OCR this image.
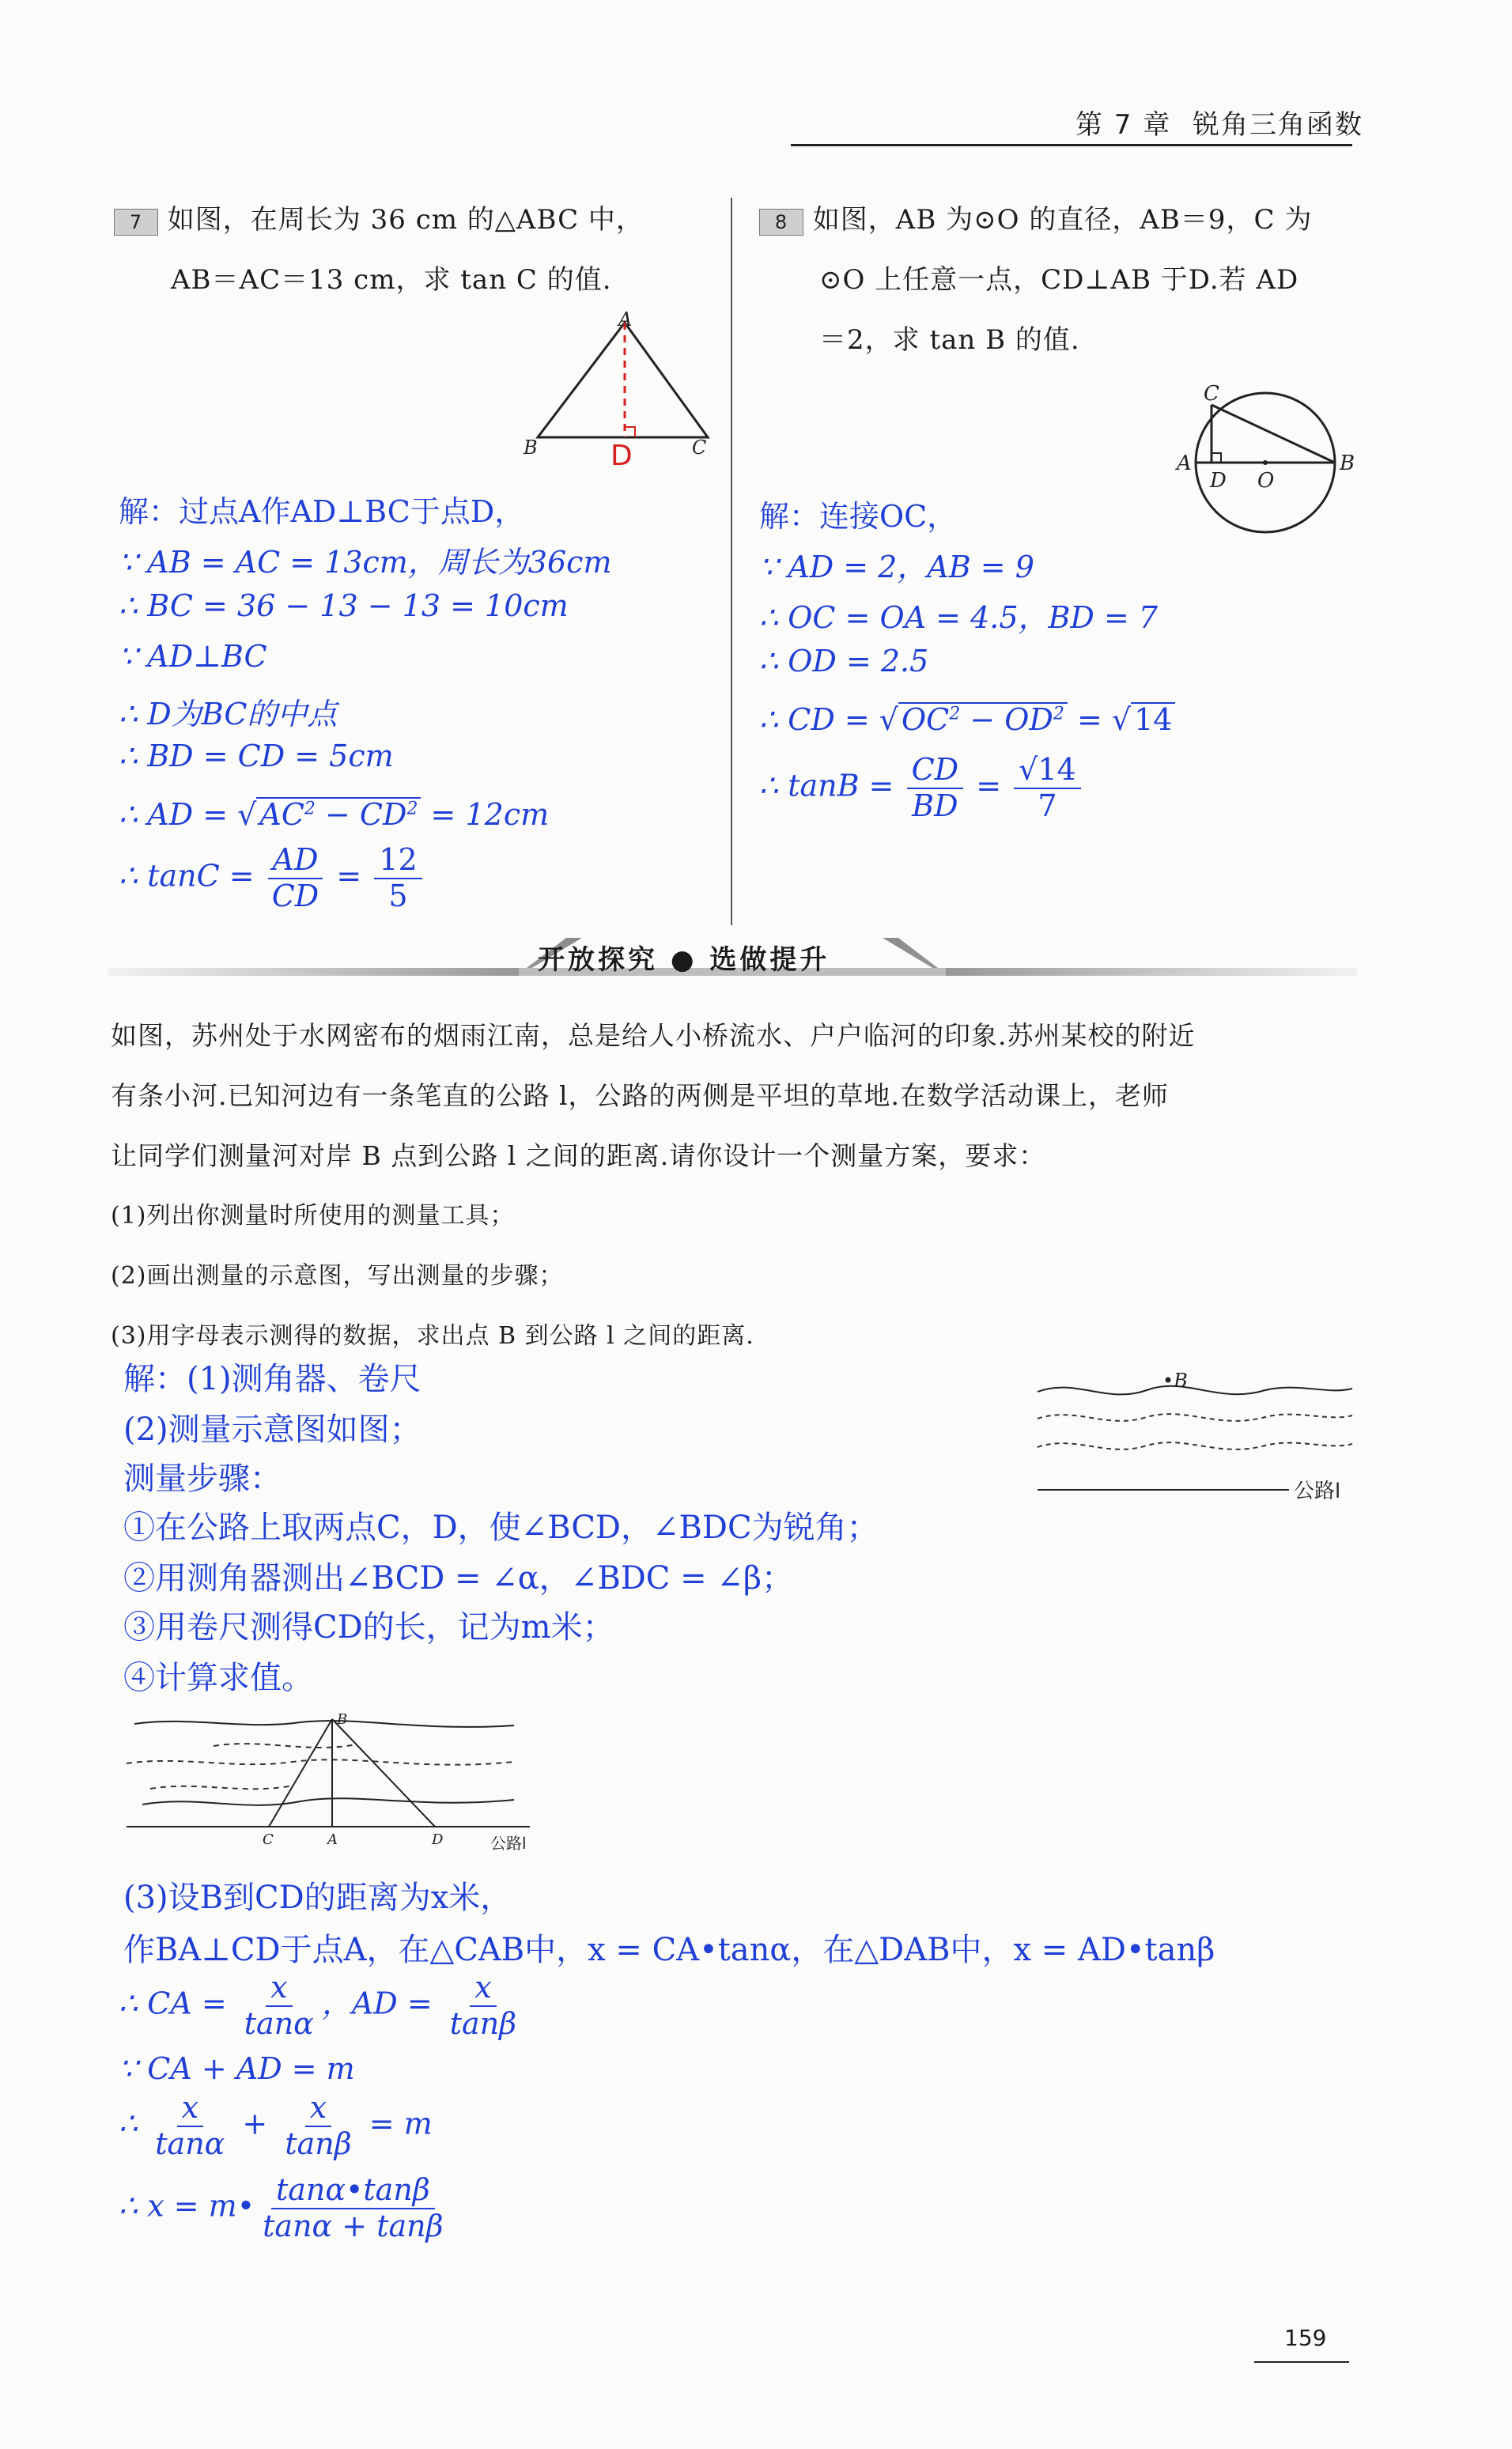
第 7 章 锐角三角函数
7 如图，在周长为 36 cm 的△ABC 中，
AB＝AC＝13 cm，求 tan C 的值.
A
B	C
D
解：过点A作AD⊥BC于点D，
∵ AB = AC = 13cm，周长为36cm
∴ BC = 36 − 13 − 13 = 10cm
∵ AD⊥BC
∴ D为BC的中点
∴ BD = CD = 5cm
∴ AD = √ $AC^2 - CD^2 = 12cm$
∴ $\tan C = \frac{AD}{CD} = \frac{12}{5}$
8 如图，AB 为⊙O 的直径，AB＝9，C 为
⊙O 上任意一点，CD⊥AB 于D.若 AD
＝2，求 tan B 的值.
C
A
D O
B
解：连接OC，
∵ AD = 2，AB = 9
∴ OC = OA = 4.5，BD = 7
∴ OD = 2.5
∴ CD = √ $OC^2 - OD^2$ = √ 14
∴ $\tan B = \frac{CD}{BD} = \frac{√14}{7}$
开放探究 ● 选做提升
如图，苏州处于水网密布的烟雨江南，总是给人小桥流水、户户临河的印象.苏州某校的附近
有条小河.已知河边有一条笔直的公路 l，公路的两侧是平坦的草地.在数学活动课上，老师
让同学们测量河对岸 B 点到公路 l 之间的距离.请你设计一个测量方案，要求：
(1)列出你测量时所使用的测量工具；
(2)画出测量的示意图，写出测量的步骤；
(3)用字母表示测得的数据，求出点 B 到公路 l 之间的距离.
•B
公路l
解：(1)测角器、卷尺
(2)测量示意图如图；
测量步骤：
①在公路上取两点C，D，使∠BCD，∠BDC为锐角；
②用测角器测出∠BCD = ∠α，∠BDC = ∠β；
③用卷尺测得CD的长，记为m米；
④计算求值。
B
C	A	D	公路l
(3)设B到CD的距离为x米，
作BA⊥CD于点A，在△CAB中，x = CA•tanα，在△DAB中，x = AD•tanβ
∴ CA = $\frac{x}{\tan\alpha}$ ，AD = $\frac{x}{\tan\beta}$
∵ CA + AD = m
∴ $\frac{x}{\tan\alpha} + \frac{x}{\tan\beta} = m$
∴ x = m• $\frac{\tan\alpha•\tan\beta}{\tan\alpha + \tan\beta}$
159
